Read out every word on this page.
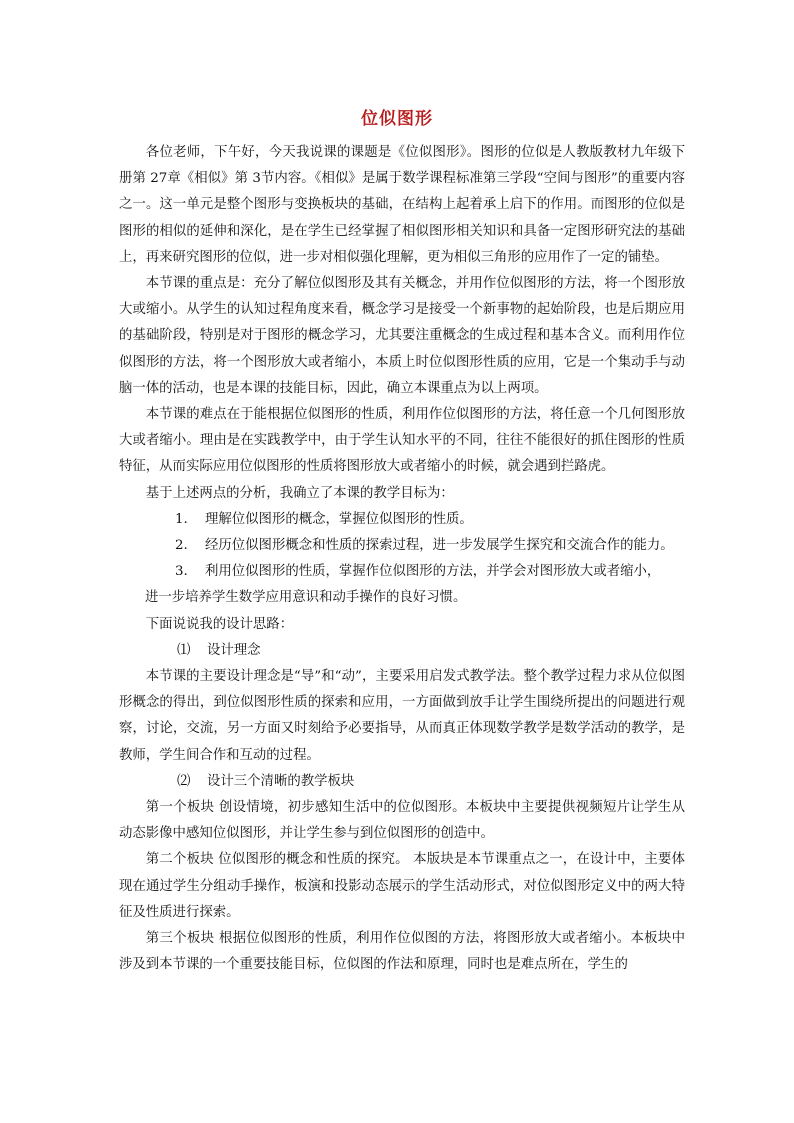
位似图形

各位老师，下午好，今天我说课的课题是《位似图形》。图形的位似是人教版教材九年级下册第 27章《相似》第 3节内容。《相似》是属于数学课程标准第三学段“空间与图形”的重要内容之一。这一单元是整个图形与变换板块的基础，在结构上起着承上启下的作用。而图形的位似是图形的相似的延伸和深化，是在学生已经掌握了相似图形相关知识和具备一定图形研究法的基础上，再来研究图形的位似，进一步对相似强化理解，更为相似三角形的应用作了一定的铺垫。

本节课的重点是：充分了解位似图形及其有关概念，并用作位似图形的方法，将一个图形放大或缩小。从学生的认知过程角度来看，概念学习是接受一个新事物的起始阶段，也是后期应用的基础阶段，特别是对于图形的概念学习，尤其要注重概念的生成过程和基本含义。而利用作位似图形的方法，将一个图形放大或者缩小，本质上时位似图形性质的应用，它是一个集动手与动脑一体的活动，也是本课的技能目标，因此，确立本课重点为以上两项。

本节课的难点在于能根据位似图形的性质，利用作位似图形的方法，将任意一个几何图形放大或者缩小。理由是在实践教学中，由于学生认知水平的不同，往往不能很好的抓住图形的性质特征，从而实际应用位似图形的性质将图形放大或者缩小的时候，就会遇到拦路虎。

基于上述两点的分析，我确立了本课的教学目标为：

1. 理解位似图形的概念，掌握位似图形的性质。

2. 经历位似图形概念和性质的探索过程，进一步发展学生探究和交流合作的能力。

3. 利用位似图形的性质，掌握作位似图形的方法，并学会对图形放大或者缩小，

进一步培养学生数学应用意识和动手操作的良好习惯。

下面说说我的设计思路：

⑴ 设计理念

本节课的主要设计理念是“导”和“动”，主要采用启发式教学法。整个教学过程力求从位似图形概念的得出，到位似图形性质的探索和应用，一方面做到放手让学生围绕所提出的问题进行观察，讨论，交流，另一方面又时刻给予必要指导，从而真正体现数学教学是数学活动的教学，是教师，学生间合作和互动的过程。

⑵ 设计三个清晰的教学板块

第一个板块 创设情境，初步感知生活中的位似图形。本板块中主要提供视频短片让学生从动态影像中感知位似图形，并让学生参与到位似图形的创造中。

第二个板块 位似图形的概念和性质的探究。 本版块是本节课重点之一，在设计中，主要体现在通过学生分组动手操作，板演和投影动态展示的学生活动形式，对位似图形定义中的两大特征及性质进行探索。

第三个板块 根据位似图形的性质，利用作位似图的方法，将图形放大或者缩小。本板块中涉及到本节课的一个重要技能目标，位似图的作法和原理，同时也是难点所在，学生的
